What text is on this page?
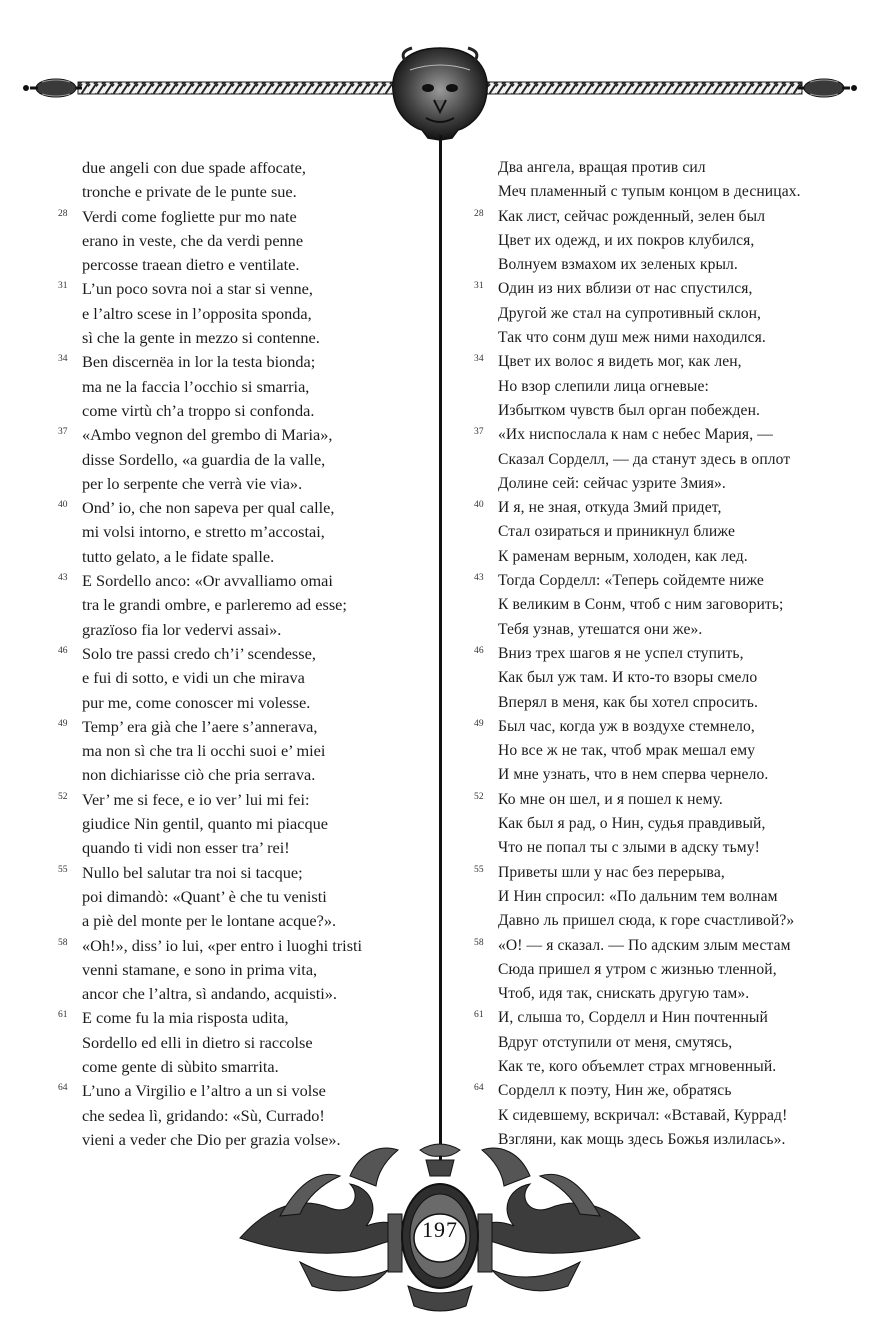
197
due angeli con due spade affocate,
tronche e private de le punte sue.
28 Verdi come fogliette pur mo nate
erano in veste, che da verdi penne
percosse traean dietro e ventilate.
31 L’un poco sovra noi a star si venne,
e l’altro scese in l’opposita sponda,
sì che la gente in mezzo si contenne.
34 Ben discernëa in lor la testa bionda;
ma ne la faccia l’occhio si smarria,
come virtù ch’a troppo si confonda.
37 «Ambo vegnon del grembo di Maria»,
disse Sordello, «a guardia de la valle,
per lo serpente che verrà vie via».
40 Ond’ io, che non sapeva per qual calle,
mi volsi intorno, e stretto m’accostai,
tutto gelato, a le fidate spalle.
43 E Sordello anco: «Or avvalliamo omai
tra le grandi ombre, e parleremo ad esse;
grazïoso fia lor vedervi assai».
46 Solo tre passi credo ch’i’ scendesse,
e fui di sotto, e vidi un che mirava
pur me, come conoscer mi volesse.
49 Temp’ era già che l’aere s’annerava,
ma non sì che tra li occhi suoi e’ miei
non dichiarisse ciò che pria serrava.
52 Ver’ me si fece, e io ver’ lui mi fei:
giudice Nin gentil, quanto mi piacque
quando ti vidi non esser tra’ rei!
55 Nullo bel salutar tra noi si tacque;
poi dimandò: «Quant’ è che tu venisti
a piè del monte per le lontane acque?».
58 «Oh!», diss’ io lui, «per entro i luoghi tristi
venni stamane, e sono in prima vita,
ancor che l’altra, sì andando, acquisti».
61 E come fu la mia risposta udita,
Sordello ed elli in dietro si raccolse
come gente di sùbito smarrita.
64 L’uno a Virgilio e l’altro a un si volse
che sedea lì, gridando: «Sù, Currado!
vieni a veder che Dio per grazia volse».
Два ангела, вращая против сил
Меч пламенный с тупым концом в десницах.
28 Как лист, сейчас рожденный, зелен был
Цвет их одежд, и их покров клубился,
Волнуем взмахом их зеленых крыл.
31 Один из них вблизи от нас спустился,
Другой же стал на супротивный склон,
Так что сонм душ меж ними находился.
34 Цвет их волос я видеть мог, как лен,
Но взор слепили лица огневые:
Избытком чувств был орган побежден.
37 «Их ниспослала к нам с небес Мария, —
Сказал Сорделл, — да станут здесь в оплот
Долине сей: сейчас узрите Змия».
40 И я, не зная, откуда Змий придет,
Стал озираться и приникнул ближе
К раменам верным, холоден, как лед.
43 Тогда Сорделл: «Теперь сойдемте ниже
К великим в Сонм, чтоб с ним заговорить;
Тебя узнав, утешатся они же».
46 Вниз трех шагов я не успел ступить,
Как был уж там. И кто-то взоры смело
Вперял в меня, как бы хотел спросить.
49 Был час, когда уж в воздухе стемнело,
Но все ж не так, чтоб мрак мешал ему
И мне узнать, что в нем сперва чернело.
52 Ко мне он шел, и я пошел к нему.
Как был я рад, о Нин, судья правдивый,
Что не попал ты с злыми в адску тьму!
55 Приветы шли у нас без перерыва,
И Нин спросил: «По дальним тем волнам
Давно ль пришел сюда, к горе счастливой?»
58 «О! — я сказал. — По адским злым местам
Сюда пришел я утром с жизнью тленной,
Чтоб, идя так, снискать другую там».
61 И, слыша то, Сорделл и Нин почтенный
Вдруг отступили от меня, смутясь,
Как те, кого объемлет страх мгновенный.
64 Сорделл к поэту, Нин же, обратясь
К сидевшему, вскричал: «Вставай, Куррад!
Взгляни, как мощь здесь Божья излилась».
